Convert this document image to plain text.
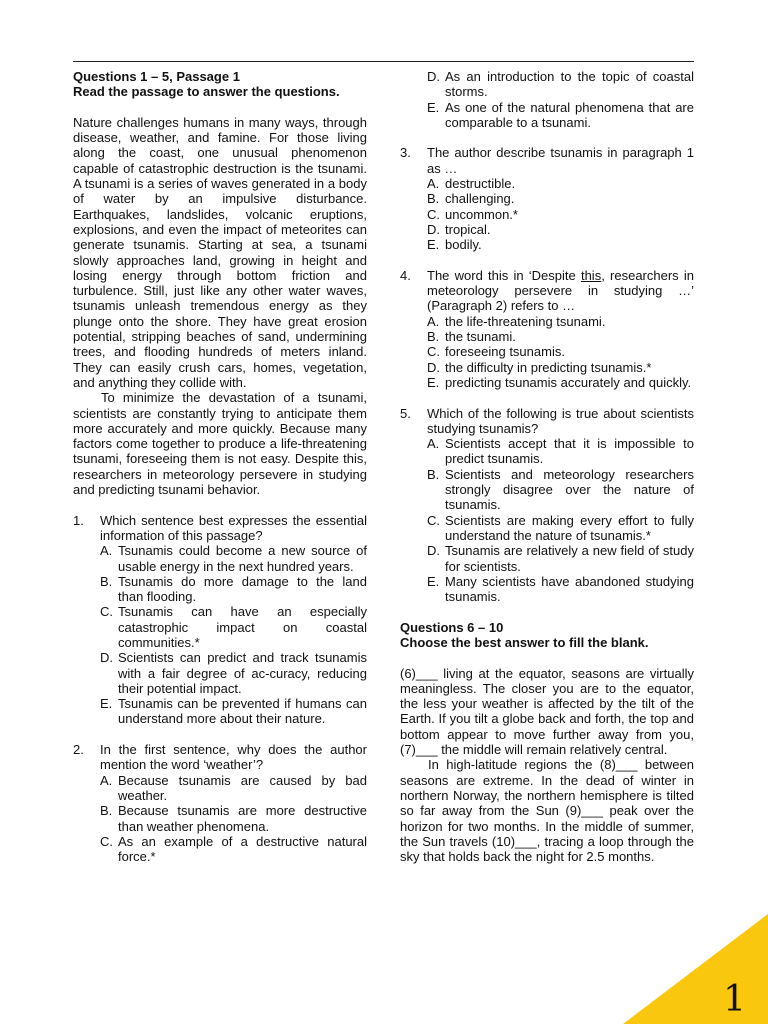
Questions 1 – 5, Passage 1
Read the passage to answer the questions.
Nature challenges humans in many ways, through disease, weather, and famine. For those living along the coast, one unusual phenomenon capable of catastrophic destruction is the tsunami. A tsunami is a series of waves generated in a body of water by an impulsive disturbance. Earthquakes, landslides, volcanic eruptions, explosions, and even the impact of meteorites can generate tsunamis. Starting at sea, a tsunami slowly approaches land, growing in height and losing energy through bottom friction and turbulence. Still, just like any other water waves, tsunamis unleash tremendous energy as they plunge onto the shore. They have great erosion potential, stripping beaches of sand, undermining trees, and flooding hundreds of meters inland. They can easily crush cars, homes, vegetation, and anything they collide with.
To minimize the devastation of a tsunami, scientists are constantly trying to anticipate them more accurately and more quickly. Because many factors come together to produce a life-threatening tsunami, foreseeing them is not easy. Despite this, researchers in meteorology persevere in studying and predicting tsunami behavior.
1. Which sentence best expresses the essential information of this passage?
A. Tsunamis could become a new source of usable energy in the next hundred years.
B. Tsunamis do more damage to the land than flooding.
C. Tsunamis can have an especially catastrophic impact on coastal communities.*
D. Scientists can predict and track tsunamis with a fair degree of ac-curacy, reducing their potential impact.
E. Tsunamis can be prevented if humans can understand more about their nature.
2. In the first sentence, why does the author mention the word ‘weather’?
A. Because tsunamis are caused by bad weather.
B. Because tsunamis are more destructive than weather phenomena.
C. As an example of a destructive natural force.*
D. As an introduction to the topic of coastal storms.
E. As one of the natural phenomena that are comparable to a tsunami.
3. The author describe tsunamis in paragraph 1 as …
A. destructible.
B. challenging.
C. uncommon.*
D. tropical.
E. bodily.
4. The word this in ‘Despite this, researchers in meteorology persevere in studying …’ (Paragraph 2) refers to …
A. the life-threatening tsunami.
B. the tsunami.
C. foreseeing tsunamis.
D. the difficulty in predicting tsunamis.*
E. predicting tsunamis accurately and quickly.
5. Which of the following is true about scientists studying tsunamis?
A. Scientists accept that it is impossible to predict tsunamis.
B. Scientists and meteorology researchers strongly disagree over the nature of tsunamis.
C. Scientists are making every effort to fully understand the nature of tsunamis.*
D. Tsunamis are relatively a new field of study for scientists.
E. Many scientists have abandoned studying tsunamis.
Questions 6 – 10
Choose the best answer to fill the blank.
(6)___ living at the equator, seasons are virtually meaningless. The closer you are to the equator, the less your weather is affected by the tilt of the Earth. If you tilt a globe back and forth, the top and bottom appear to move further away from you, (7)___ the middle will remain relatively central.
In high-latitude regions the (8)___ between seasons are extreme. In the dead of winter in northern Norway, the northern hemisphere is tilted so far away from the Sun (9)___ peak over the horizon for two months. In the middle of summer, the Sun travels (10)___, tracing a loop through the sky that holds back the night for 2.5 months.
1
